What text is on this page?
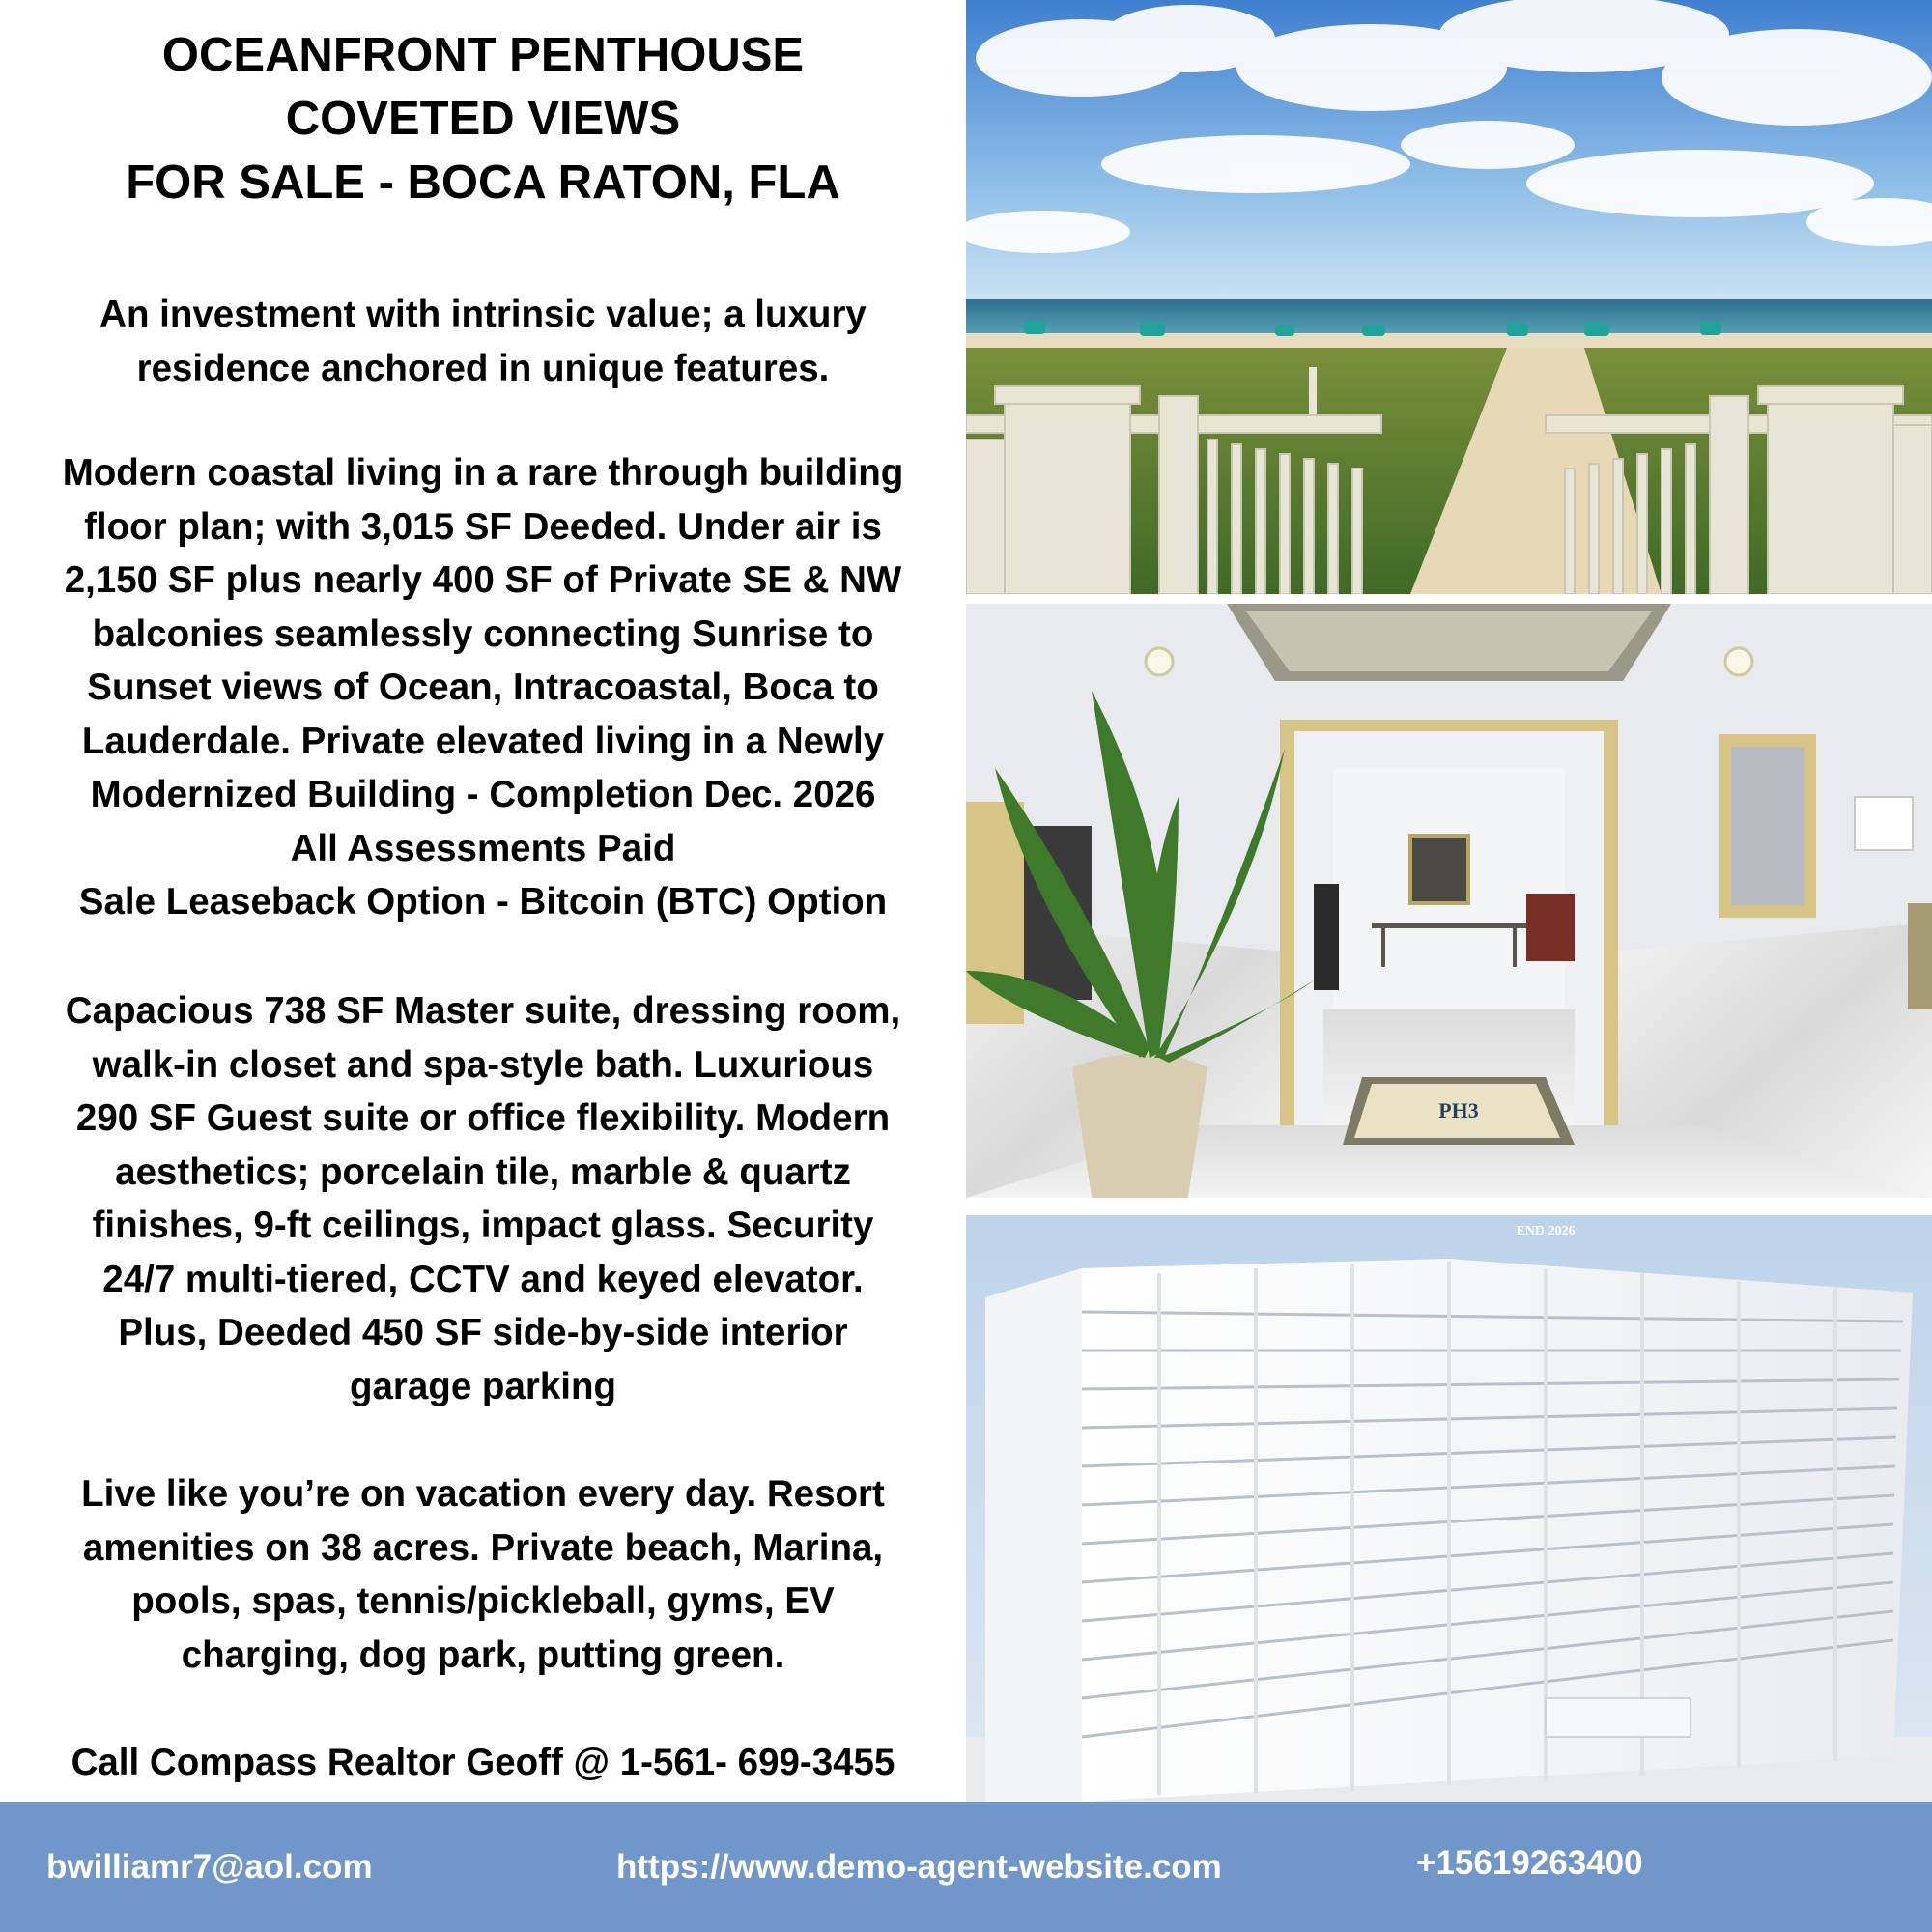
OCEANFRONT PENTHOUSE
COVETED VIEWS
FOR SALE - BOCA RATON, FLA

An investment with intrinsic value; a luxury
residence anchored in unique features.

Modern coastal living in a rare through building
floor plan; with 3,015 SF Deeded. Under air is
2,150 SF plus nearly 400 SF of Private SE & NW
balconies seamlessly connecting Sunrise to
Sunset views of Ocean, Intracoastal, Boca to
Lauderdale. Private elevated living in a Newly
Modernized Building - Completion Dec. 2026
All Assessments Paid
Sale Leaseback Option - Bitcoin (BTC) Option

Capacious 738 SF Master suite, dressing room,
walk-in closet and spa-style bath. Luxurious
290 SF Guest suite or office flexibility. Modern
aesthetics; porcelain tile, marble & quartz
finishes, 9-ft ceilings, impact glass. Security
24/7 multi-tiered, CCTV and keyed elevator.
Plus, Deeded 450 SF side-by-side interior
garage parking

Live like you’re on vacation every day. Resort
amenities on 38 acres. Private beach, Marina,
pools, spas, tennis/pickleball, gyms, EV
charging, dog park, putting green.

Call Compass Realtor Geoff @ 1-561- 699-3455

PH3
END 2026
bwilliamr7@aol.com	https://www.demo-agent-website.com	+15619263400
